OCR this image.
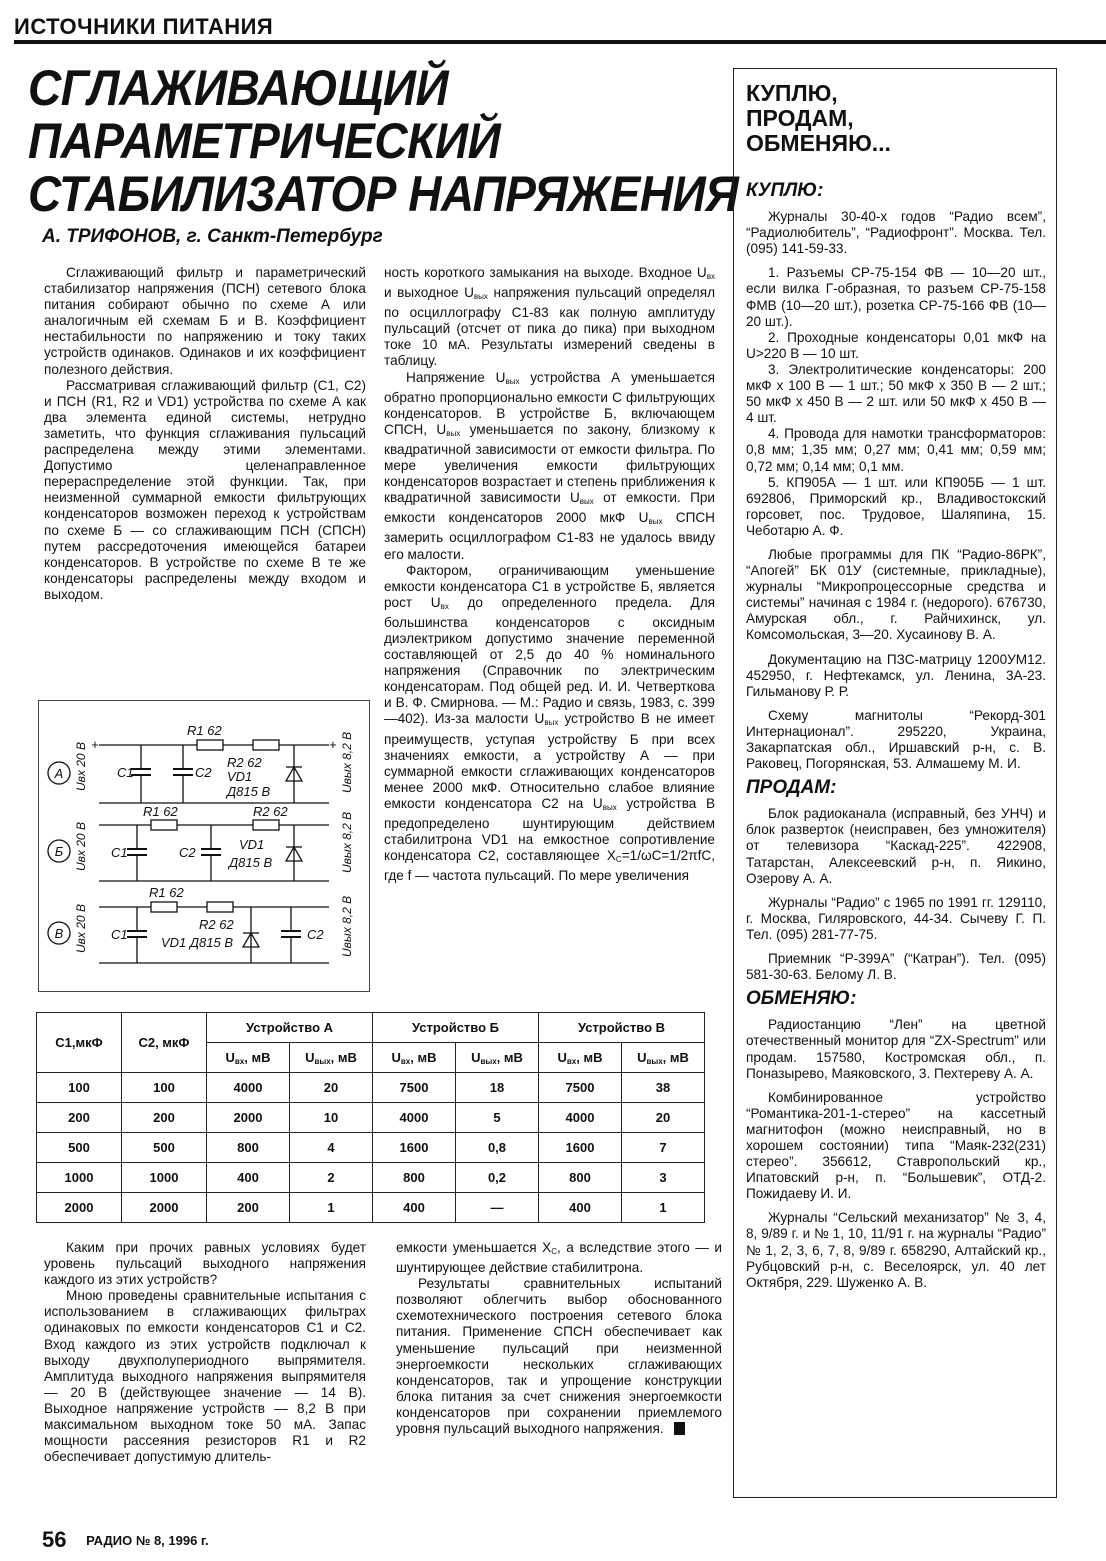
ИСТОЧНИКИ ПИТАНИЯ
СГЛАЖИВАЮЩИЙ
ПАРАМЕТРИЧЕСКИЙ
СТАБИЛИЗАТОР НАПРЯЖЕНИЯ
А. ТРИФОНОВ, г. Санкт-Петербург

Сглаживающий фильтр и параметрический стабилизатор напряжения (ПСН) сетевого блока питания собирают обычно по схеме А или аналогичным ей схемам Б и В. Коэффициент нестабильности по напряжению и току таких устройств одинаков. Одинаков и их коэффициент полезного действия.

Рассматривая сглаживающий фильтр (C1, C2) и ПСН (R1, R2 и VD1) устройства по схеме А как два элемента единой системы, нетрудно заметить, что функция сглаживания пульсаций распределена между этими элементами. Допустимо целенаправленное перераспределение этой функции. Так, при неизменной суммарной емкости фильтрующих конденсаторов возможен переход к устройствам по схеме Б — со сглаживающим ПСН (СПСН) путем рассредоточения имеющейся батареи конденсаторов. В устройстве по схеме В те же конденсаторы распределены между входом и выходом.

ность короткого замыкания на выходе. Входное $U_{вх}$ и выходное $U_{вых}$ напряжения пульсаций определял по осциллографу С1-83 как полную амплитуду пульсаций (отсчет от пика до пика) при выходном токе 10 мА. Результаты измерений сведены в таблицу.

Напряжение $U_{вых}$ устройства А уменьшается обратно пропорционально емкости С фильтрующих конденсаторов. В устройстве Б, включающем СПСН, $U_{вых}$ уменьшается по закону, близкому к квадратичной зависимости от емкости фильтра. По мере увеличения емкости фильтрующих конденсаторов возрастает и степень приближения к квадратичной зависимости $U_{вых}$ от емкости. При емкости конденсаторов 2000 мкФ $U_{вых}$ СПСН замерить осциллографом С1-83 не удалось ввиду его малости.

Фактором, ограничивающим уменьшение емкости конденсатора C1 в устройстве Б, является рост $U_{вх}$ до определенного предела. Для большинства конденсаторов с оксидным диэлектриком допустимо значение переменной составляющей от 2,5 до 40 % номинального напряжения (Справочник по электрическим конденсаторам. Под общей ред. И. И. Четверткова и В. Ф. Смирнова. — М.: Радио и связь, 1983, с. 399—402). Из-за малости $U_{вых}$ устройство В не имеет преимуществ, уступая устройству Б при всех значениях емкости, а устройству А — при суммарной емкости сглаживающих конденсаторов менее 2000 мкФ. Относительно слабое влияние емкости конденсатора C2 на $U_{вых}$ устройства В предопределено шунтирующим действием стабилитрона VD1 на емкостное сопротивление конденсатора C2, составляющее $X_С=1/\omega C=1/2\pi fC$, где f — частота пульсаций. По мере увеличения

А Uвх 20 В	Uвых 8,2 В
+	+
R1 62
R2 62
VD1
Д815 В
C1	C2
Б Uвх 20 В	Uвых 8,2 В
R1 62	R2 62
C1	C2
VD1
Д815 В
В Uвх 20 В	Uвых 8,2 В
R1 62
R2 62
VD1 Д815 В
C1	C2
C1,мкФ	C2, мкФ	Устройство А		Устройство Б		Устройство В	
		$U_{вх}$, мВ	$U_{вых}$, мВ	$U_{вх}$, мВ	$U_{вых}$, мВ	$U_{вх}$, мВ	$U_{вых}$, мВ
100	100	4000	20	7500	18	7500	38
200	200	2000	10	4000	5	4000	20
500	500	800	4	1600	0,8	1600	7
1000	1000	400	2	800	0,2	800	3
2000	2000	200	1	400	—	400	1

Каким при прочих равных условиях будет уровень пульсаций выходного напряжения каждого из этих устройств?

Мною проведены сравнительные испытания с использованием в сглаживающих фильтрах одинаковых по емкости конденсаторов C1 и C2. Вход каждого из этих устройств подключал к выходу двухполупериодного выпрямителя. Амплитуда выходного напряжения выпрямителя — 20 В (действующее значение — 14 В). Выходное напряжение устройств — 8,2 В при максимальном выходном токе 50 мА. Запас мощности рассеяния резисторов R1 и R2 обеспечивает допустимую длитель-

емкости уменьшается $X_С$, а вследствие этого — и шунтирующее действие стабилитрона.

Результаты сравнительных испытаний позволяют облегчить выбор обоснованного схемотехнического построения сетевого блока питания. Применение СПСН обеспечивает как уменьшение пульсаций при неизменной энергоемкости нескольких сглаживающих конденсаторов, так и упрощение конструкции блока питания за счет снижения энергоемкости конденсаторов при сохранении приемлемого уровня пульсаций выходного напряжения.

КУПЛЮ,
ПРОДАМ,
ОБМЕНЯЮ...
КУПЛЮ:

Журналы 30-40-х годов “Радио всем”, “Радиолюбитель”, “Радиофронт”. Москва. Тел. (095) 141-59-33.

1. Разъемы СР-75-154 ФВ — 10—20 шт., если вилка Г-образная, то разъем СР-75-158 ФМВ (10—20 шт.), розетка СР-75-166 ФВ (10—20 шт.).

2. Проходные конденсаторы 0,01 мкФ на U>220 В — 10 шт.

3. Электролитические конденсаторы: 200 мкФ х 100 В — 1 шт.; 50 мкФ х 350 В — 2 шт.; 50 мкФ х 450 В — 2 шт. или 50 мкФ х 450 В — 4 шт.

4. Провода для намотки трансформаторов: 0,8 мм; 1,35 мм; 0,27 мм; 0,41 мм; 0,59 мм; 0,72 мм; 0,14 мм; 0,1 мм.

5. КП905А — 1 шт. или КП905Б — 1 шт. 692806, Приморский кр., Владивостокский горсовет, пос. Трудовое, Шаляпина, 15. Чеботарю А. Ф.

Любые программы для ПК “Радио-86РК”, “Апогей” БК 01У (системные, прикладные), журналы “Микропроцессорные средства и системы” начиная с 1984 г. (недорого). 676730, Амурская обл., г. Райчихинск, ул. Комсомольская, 3—20. Хусаинову В. А.

Документацию на ПЗС-матрицу 1200УМ12. 452950, г. Нефтекамск, ул. Ленина, 3А-23. Гильманову Р. Р.

Схему магнитолы “Рекорд-301 Интернационал”. 295220, Украина, Закарпатская обл., Иршавский р-н, с. В. Раковец, Погорянская, 53. Алмашему М. И.

ПРОДАМ:

Блок радиоканала (исправный, без УНЧ) и блок разверток (неисправен, без умножителя) от телевизора “Каскад-225”. 422908, Татарстан, Алексеевский р-н, п. Яикино, Озерову А. А.

Журналы “Радио” с 1965 по 1991 гг. 129110, г. Москва, Гиляровского, 44-34. Сычеву Г. П. Тел. (095) 281-77-75.

Приемник “Р-399А” (“Катран”). Тел. (095) 581-30-63. Белому Л. В.

ОБМЕНЯЮ:

Радиостанцию “Лен” на цветной отечественный монитор для “ZX-Spectrum” или продам. 157580, Костромская обл., п. Поназырево, Маяковского, 3. Пехтереву А. А.

Комбинированное устройство “Романтика-201-1-стерео” на кассетный магнитофон (можно неисправный, но в хорошем состоянии) типа “Маяк-232(231) стерео”. 356612, Ставропольский кр., Ипатовский р-н, п. “Большевик”, ОТД-2. Пожидаеву И. И.

Журналы “Сельский механизатор” № 3, 4, 8, 9/89 г. и № 1, 10, 11/91 г. на журналы “Радио” № 1, 2, 3, 6, 7, 8, 9/89 г. 658290, Алтайский кр., Рубцовский р-н, с. Веселоярск, ул. 40 лет Октября, 229. Шуженко А. В.

56 РАДИО № 8, 1996 г.
